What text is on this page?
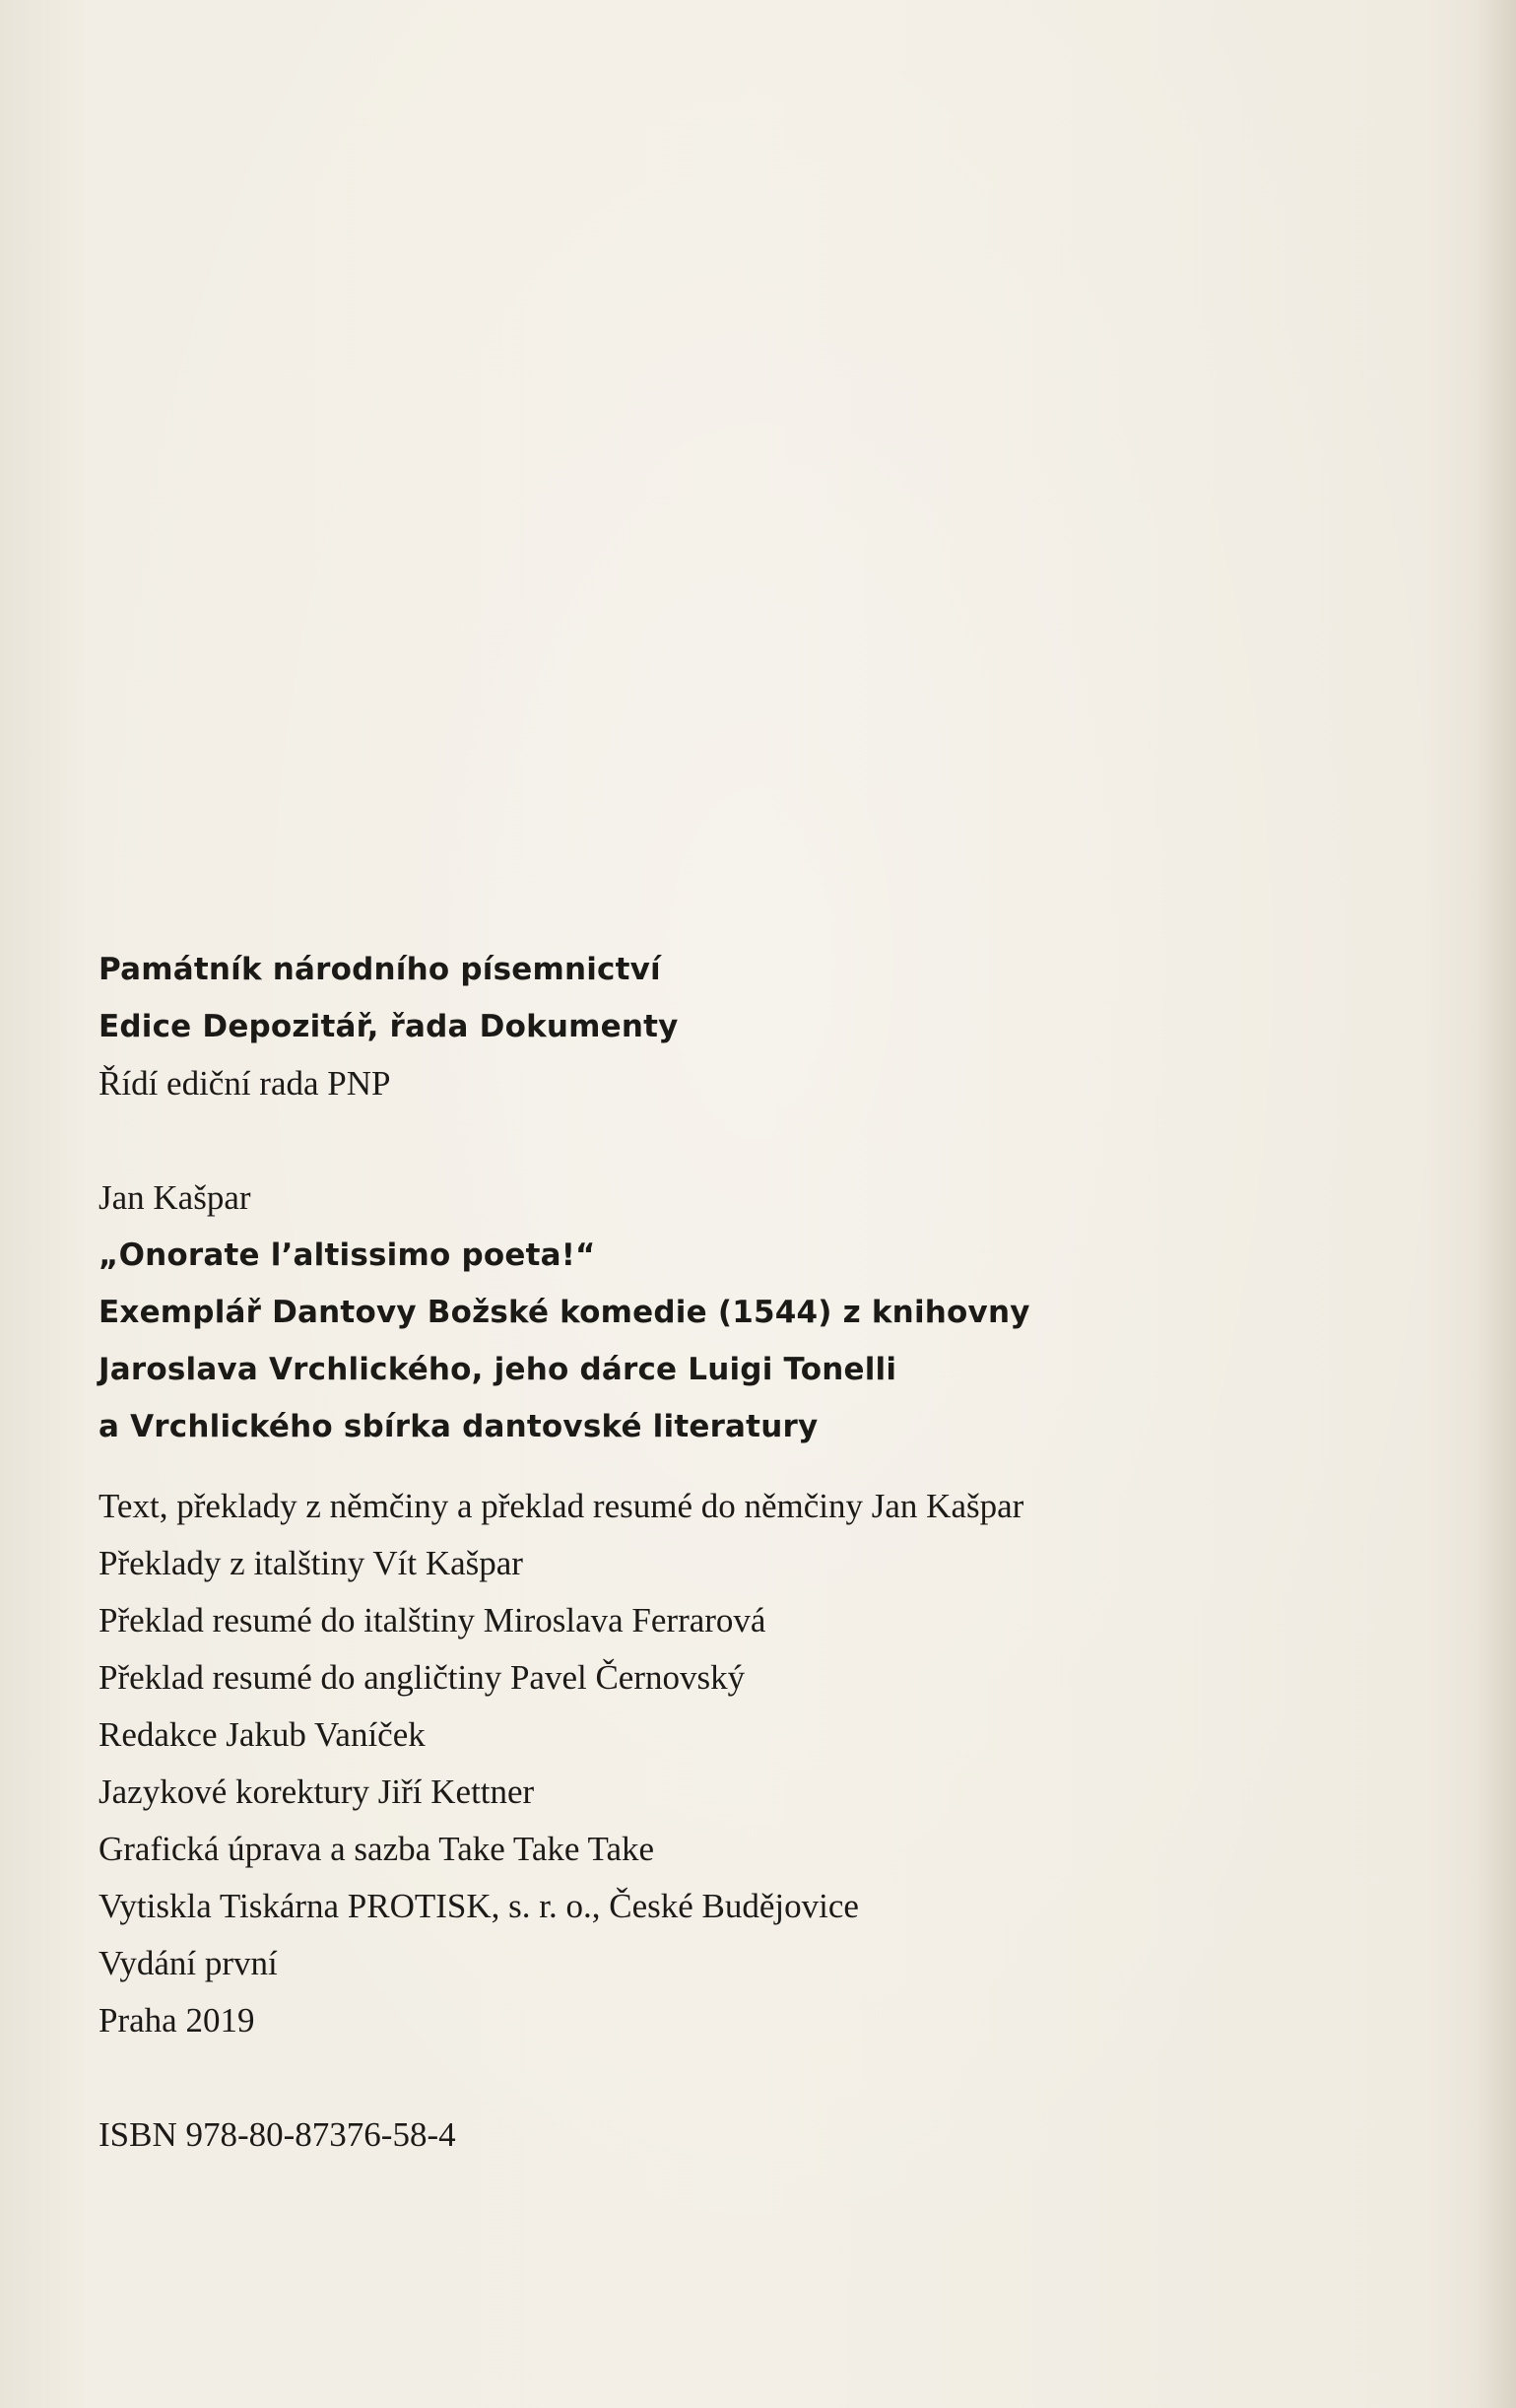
Památník národního písemnictví
Edice Depozitář, řada Dokumenty
Řídí ediční rada PNP
Jan Kašpar
„Onorate l’altissimo poeta!“
Exemplář Dantovy Božské komedie (1544) z knihovny
Jaroslava Vrchlického, jeho dárce Luigi Tonelli
a Vrchlického sbírka dantovské literatury
Text, překlady z němčiny a překlad resumé do němčiny Jan Kašpar
Překlady z italštiny Vít Kašpar
Překlad resumé do italštiny Miroslava Ferrarová
Překlad resumé do angličtiny Pavel Černovský
Redakce Jakub Vaníček
Jazykové korektury Jiří Kettner
Grafická úprava a sazba Take Take Take
Vytiskla Tiskárna PROTISK, s. r. o., České Budějovice
Vydání první
Praha 2019
ISBN 978-80-87376-58-4
